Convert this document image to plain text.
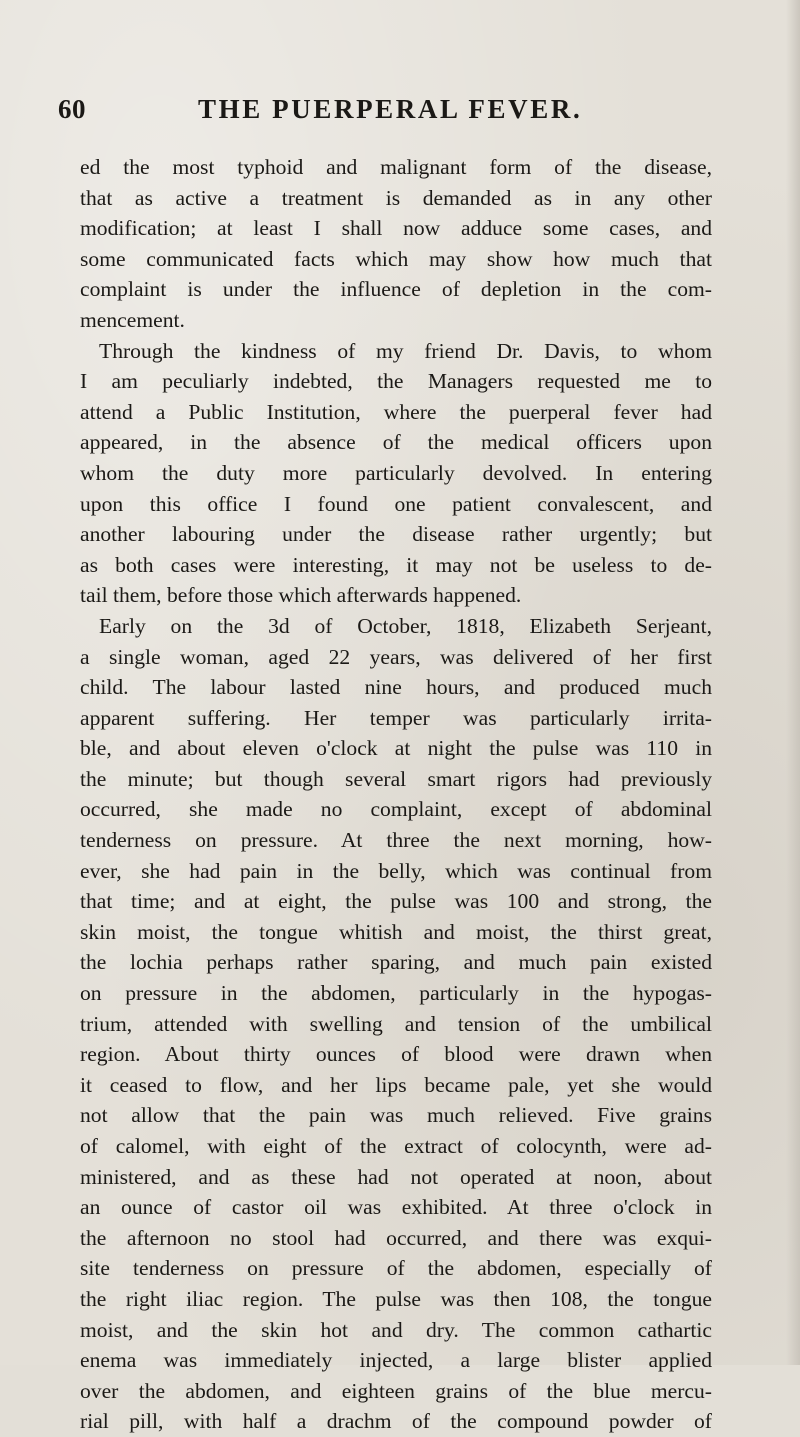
60	THE PUERPERAL FEVER.
ed the most typhoid and malignant form of the disease,
that as active a treatment is demanded as in any other
modification; at least I shall now adduce some cases, and
some communicated facts which may show how much that
complaint is under the influence of depletion in the com-
mencement.
Through the kindness of my friend Dr. Davis, to whom
I am peculiarly indebted, the Managers requested me to
attend a Public Institution, where the puerperal fever had
appeared, in the absence of the medical officers upon
whom the duty more particularly devolved. In entering
upon this office I found one patient convalescent, and
another labouring under the disease rather urgently; but
as both cases were interesting, it may not be useless to de-
tail them, before those which afterwards happened.
Early on the 3d of October, 1818, Elizabeth Serjeant,
a single woman, aged 22 years, was delivered of her first
child. The labour lasted nine hours, and produced much
apparent suffering. Her temper was particularly irrita-
ble, and about eleven o'clock at night the pulse was 110 in
the minute; but though several smart rigors had previously
occurred, she made no complaint, except of abdominal
tenderness on pressure. At three the next morning, how-
ever, she had pain in the belly, which was continual from
that time; and at eight, the pulse was 100 and strong, the
skin moist, the tongue whitish and moist, the thirst great,
the lochia perhaps rather sparing, and much pain existed
on pressure in the abdomen, particularly in the hypogas-
trium, attended with swelling and tension of the umbilical
region. About thirty ounces of blood were drawn when
it ceased to flow, and her lips became pale, yet she would
not allow that the pain was much relieved. Five grains
of calomel, with eight of the extract of colocynth, were ad-
ministered, and as these had not operated at noon, about
an ounce of castor oil was exhibited. At three o'clock in
the afternoon no stool had occurred, and there was exqui-
site tenderness on pressure of the abdomen, especially of
the right iliac region. The pulse was then 108, the tongue
moist, and the skin hot and dry. The common cathartic
enema was immediately injected, a large blister applied
over the abdomen, and eighteen grains of the blue mercu-
rial pill, with half a drachm of the compound powder of
